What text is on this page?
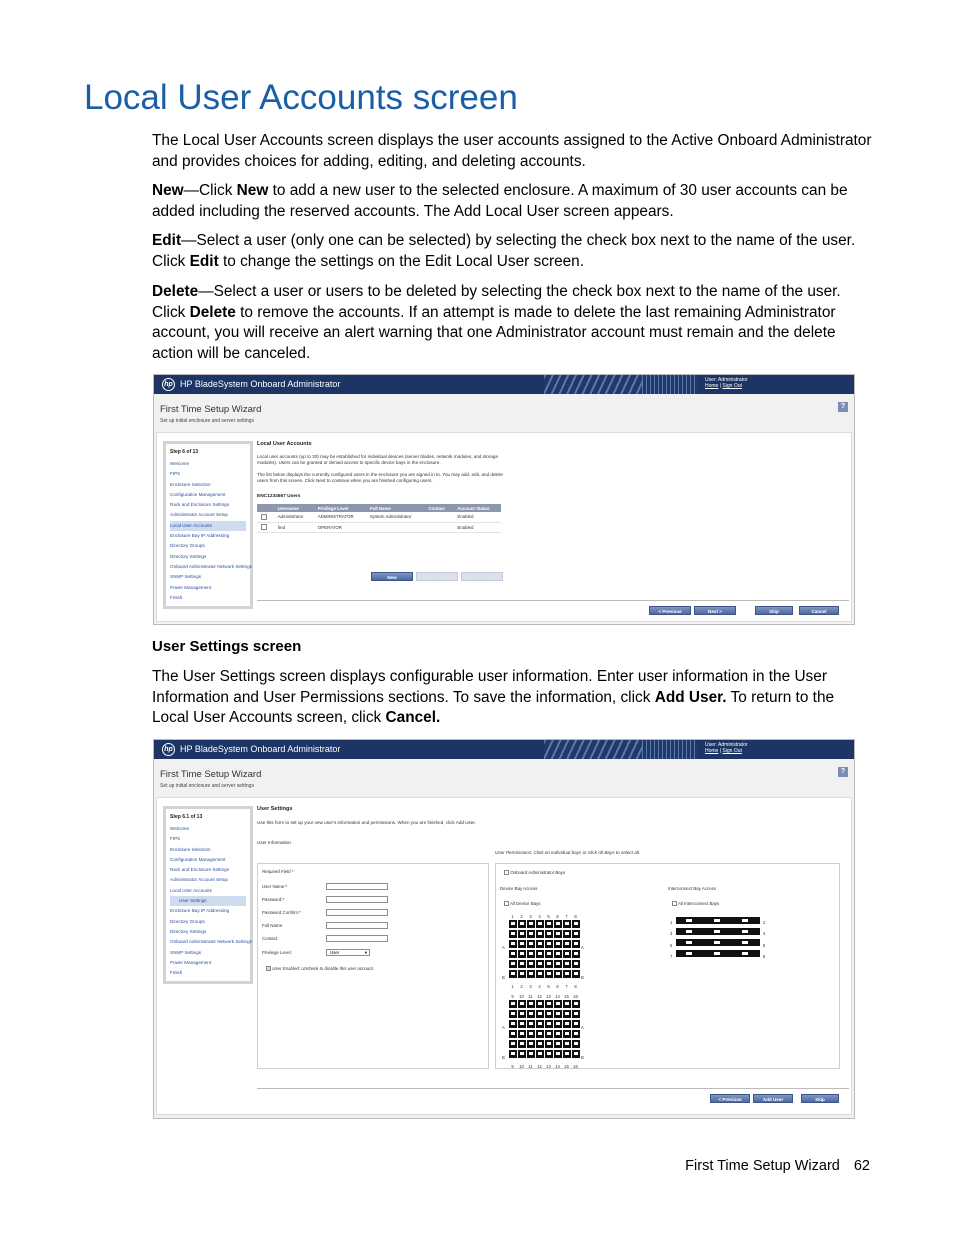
Local User Accounts screen

The Local User Accounts screen displays the user accounts assigned to the Active Onboard Administrator and provides choices for adding, editing, and deleting accounts.

New—Click New to add a new user to the selected enclosure. A maximum of 30 user accounts can be added including the reserved accounts. The Add Local User screen appears.

Edit—Select a user (only one can be selected) by selecting the check box next to the name of the user. Click Edit to change the settings on the Edit Local User screen.

Delete—Select a user or users to be deleted by selecting the check box next to the name of the user. Click Delete to remove the accounts. If an attempt is made to delete the last remaining Administrator account, you will receive an alert warning that one Administrator account must remain and the delete action will be canceled.

hp HP BladeSystem Onboard Administrator	User: Administrator
Home | Sign Out
First Time Setup Wizard
Set up initial enclosure and server settings
?
Step 6 of 13
Welcome
FIPS
Enclosure Selection
Configuration Management
Rack and Enclosure Settings
Administrator Account Setup
Local User Accounts
Enclosure Bay IP Addressing
Directory Groups
Directory Settings
Onboard Administrator Network Settings
SNMP Settings
Power Management
Finish
Local User Accounts
Local user accounts (up to 30) may be established for individual devices (server blades, network modules, and storage modules). Users can be granted or denied access to specific device bays in the enclosure.
The list below displays the currently configured users in the enclosure you are signed in to. You may add, edit, and delete users from this screen. Click Next to continue when you are finished configuring users.
ENC1234567 Users
	Username	Privilege Level	Full Name	Contact	Account Status
	Administrator	ADMINISTRATOR	System Administrator		Enabled
	fred	OPERATOR			Enabled
New	Edit	Delete
< Previous	Next >	Skip	Cancel
User Settings screen

The User Settings screen displays configurable user information. Enter user information in the User Information and User Permissions sections. To save the information, click Add User. To return to the Local User Accounts screen, click Cancel.

hp HP BladeSystem Onboard Administrator	User: Administrator
Home | Sign Out
First Time Setup Wizard
Set up initial enclosure and server settings
?
Step 6.1 of 13
Welcome
FIPS
Enclosure Selection
Configuration Management
Rack and Enclosure Settings
Administrator Account Setup
Local User Accounts
User Settings
Enclosure Bay IP Addressing
Directory Groups
Directory Settings
Onboard Administrator Network Settings
SNMP Settings
Power Management
Finish
User Settings
Use this form to set up your new user's information and permissions. When you are finished, click Add User.
User Information
User Permissions: Click on individual bays or click All Bays to select all.
Required Field *
User Name:*
Password:*
Password Confirm:*
Full Name:
Contact:
Privilege Level:	User	▾
User Enabled: Uncheck to disable this user account.
Onboard Administrator Bays
Device Bay Access
All Device Bays
1 2 3 4 5 6 7 8
A	A
B	B
1 2 3 4 5 6 7 8
9 10 11 12 13 14 15 16
A	A
B	B
9 10 11 12 13 14 15 16
Interconnect Bay Access
All Interconnect Bays
1	2
3	4
5	6
7	8
< Previous	Add User	Skip
First Time Setup Wizard 62
